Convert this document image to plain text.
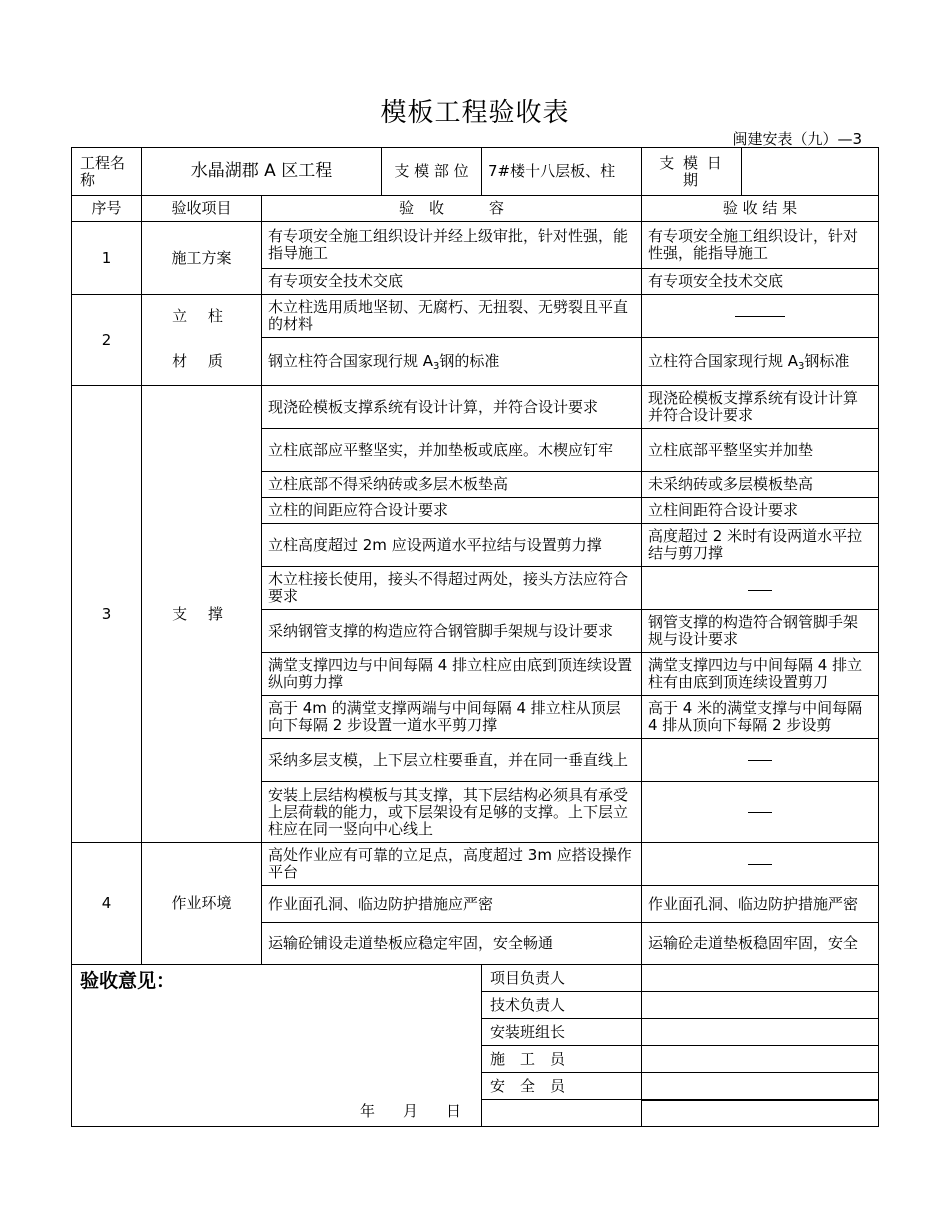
模板工程验收表
闽建安表（九）—3
工程名称	水晶湖郡 A 区工程		支 模 部 位	7#楼十八层板、柱	支 模 日 期	
序号	验收项目	验　收　　　容			验 收 结 果	
1	施工方案	有专项安全施工组织设计并经上级审批，针对性强，能指导施工			有专项安全施工组织设计，针对性强，能指导施工	
		有专项安全技术交底			有专项安全技术交底	
2	立 柱	木立柱选用质地坚韧、无腐朽、无扭裂、无劈裂且平直的材料				
	材 质	钢立柱符合国家现行规 $A_3$钢的标准			立柱符合国家现行规 $A_3$钢标准	
3	支 撑	现浇砼模板支撑系统有设计计算，并符合设计要求			现浇砼模板支撑系统有设计计算并符合设计要求	
		立柱底部应平整坚实，并加垫板或底座。木楔应钉牢			立柱底部平整坚实并加垫	
		立柱底部不得采纳砖或多层木板垫高			未采纳砖或多层模板垫高	
		立柱的间距应符合设计要求			立柱间距符合设计要求	
		立柱高度超过 2m 应设两道水平拉结与设置剪力撑			高度超过 2 米时有设两道水平拉结与剪刀撑	
		木立柱接长使用，接头不得超过两处，接头方法应符合要求				
		采纳钢管支撑的构造应符合钢管脚手架规与设计要求			钢管支撑的构造符合钢管脚手架规与设计要求	
		满堂支撑四边与中间每隔 4 排立柱应由底到顶连续设置纵向剪力撑			满堂支撑四边与中间每隔 4 排立柱有由底到顶连续设置剪刀	

		高于 4m 的满堂支撑两端与中间每隔 4 排立柱从顶层向下每隔 2 步设置一道水平剪刀撑			高于 4 米的满堂支撑与中间每隔 4 排从顶向下每隔 2 步设剪	

		采纳多层支模，上下层立柱要垂直，并在同一垂直线上				
		安装上层结构模板与其支撑，其下层结构必须具有承受上层荷载的能力，或下层架设有足够的支撑。上下层立柱应在同一竖向中心线上				
4	作业环境	高处作业应有可靠的立足点，高度超过 3m 应搭设操作平台				
		作业面孔洞、临边防护措施应严密			作业面孔洞、临边防护措施严密	

		运输砼铺设走道垫板应稳定牢固，安全畅通			运输砼走道垫板稳固牢固，安全	

验收意见：
年 月 日				项目负责人		
				技术负责人		
				安装班组长		
				施　工　员		
				安　全　员		
